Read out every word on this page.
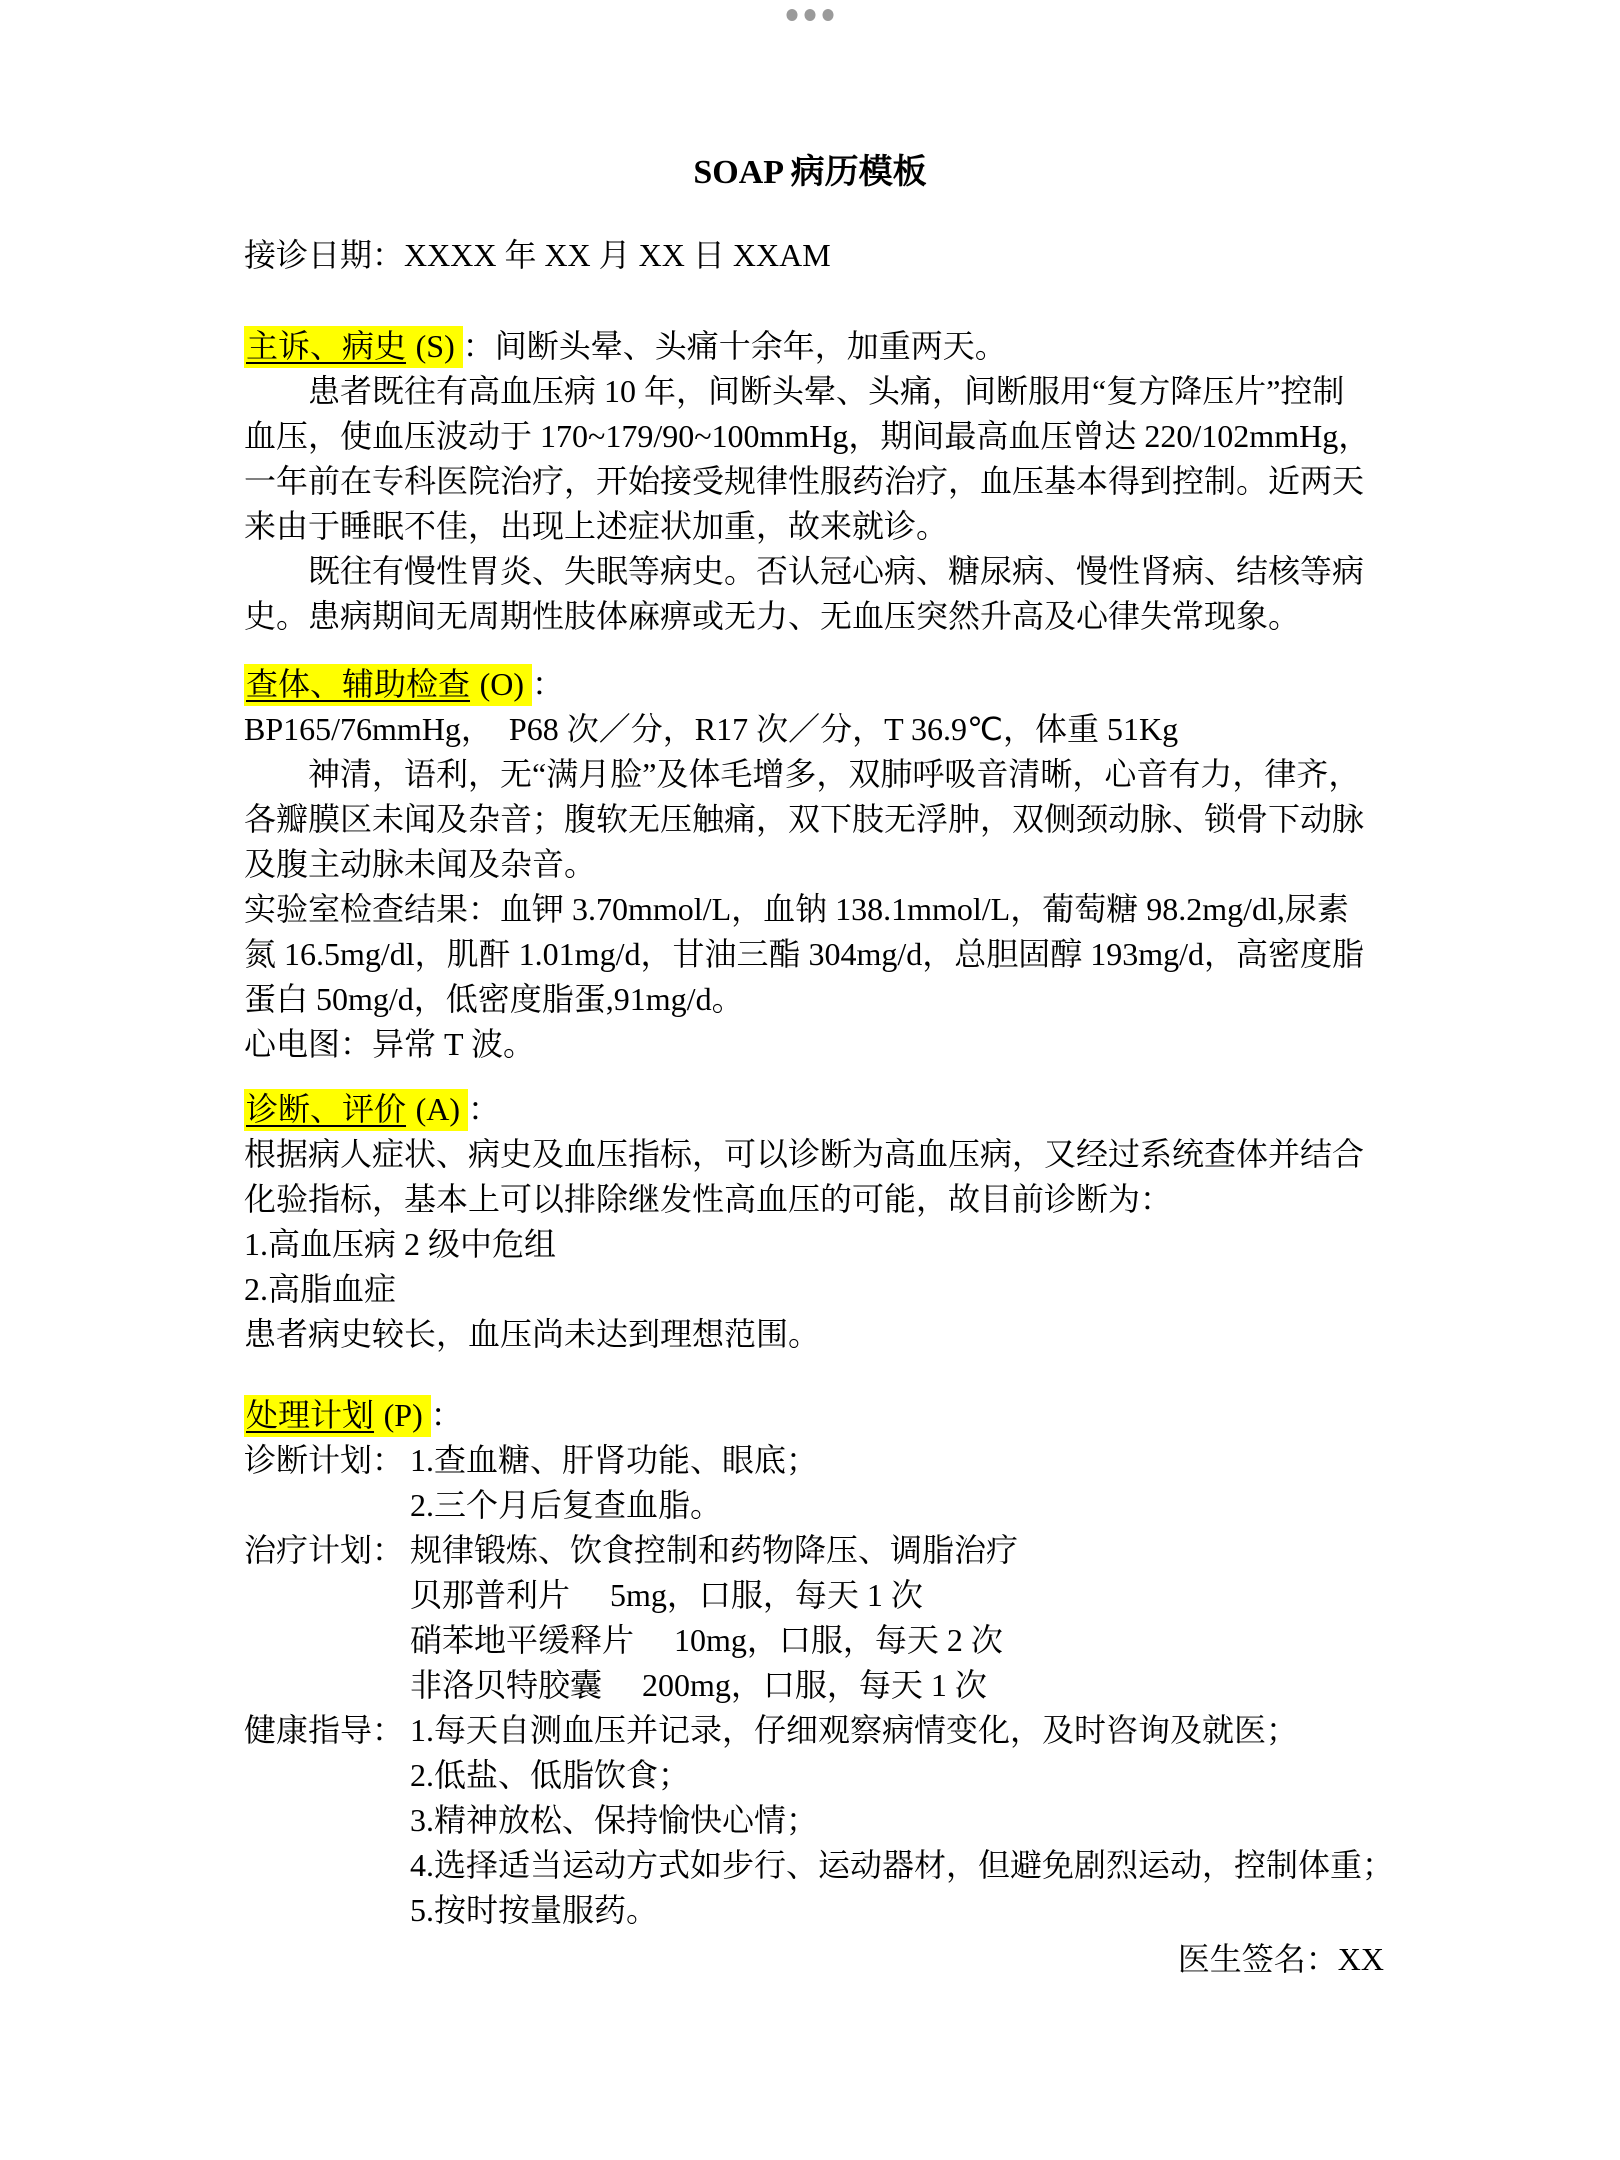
SOAP 病历模板
接诊日期：XXXX 年 XX 月 XX 日 XXAM
主诉、病史 (S) ：间断头晕、头痛十余年，加重两天。
患者既往有高血压病 10 年，间断头晕、头痛，间断服用“复方降压片”控制
血压，使血压波动于 170~179/90~100mmHg，期间最高血压曾达 220/102mmHg，
一年前在专科医院治疗，开始接受规律性服药治疗，血压基本得到控制。近两天
来由于睡眠不佳，出现上述症状加重，故来就诊。
既往有慢性胃炎、失眠等病史。否认冠心病、糖尿病、慢性肾病、结核等病
史。患病期间无周期性肢体麻痹或无力、无血压突然升高及心律失常现象。
查体、辅助检查 (O) ：
BP165/76mmHg，　P68 次／分，R17 次／分，T 36.9℃，体重 51Kg
神清，语利，无“满月脸”及体毛增多，双肺呼吸音清晰，心音有力，律齐，
各瓣膜区未闻及杂音；腹软无压触痛，双下肢无浮肿，双侧颈动脉、锁骨下动脉
及腹主动脉未闻及杂音。
实验室检查结果：血钾 3.70mmol/L，血钠 138.1mmol/L，葡萄糖 98.2mg/dl,尿素
氮 16.5mg/dl，肌酐 1.01mg/d，甘油三酯 304mg/d，总胆固醇 193mg/d，高密度脂
蛋白 50mg/d，低密度脂蛋,91mg/d。
心电图：异常 T 波。
诊断、评价 (A) ：
根据病人症状、病史及血压指标，可以诊断为高血压病，又经过系统查体并结合
化验指标，基本上可以排除继发性高血压的可能，故目前诊断为：
1.高血压病 2 级中危组
2.高脂血症
患者病史较长，血压尚未达到理想范围。
处理计划 (P) ：
诊断计划： 1.查血糖、肝肾功能、眼底；
2.三个月后复查血脂。
治疗计划： 规律锻炼、饮食控制和药物降压、调脂治疗
贝那普利片　 5mg，口服，每天 1 次
硝苯地平缓释片　 10mg，口服，每天 2 次
非洛贝特胶囊　 200mg，口服，每天 1 次
健康指导： 1.每天自测血压并记录，仔细观察病情变化，及时咨询及就医；
2.低盐、低脂饮食；
3.精神放松、保持愉快心情；
4.选择适当运动方式如步行、运动器材，但避免剧烈运动，控制体重；
5.按时按量服药。
医生签名：XX
